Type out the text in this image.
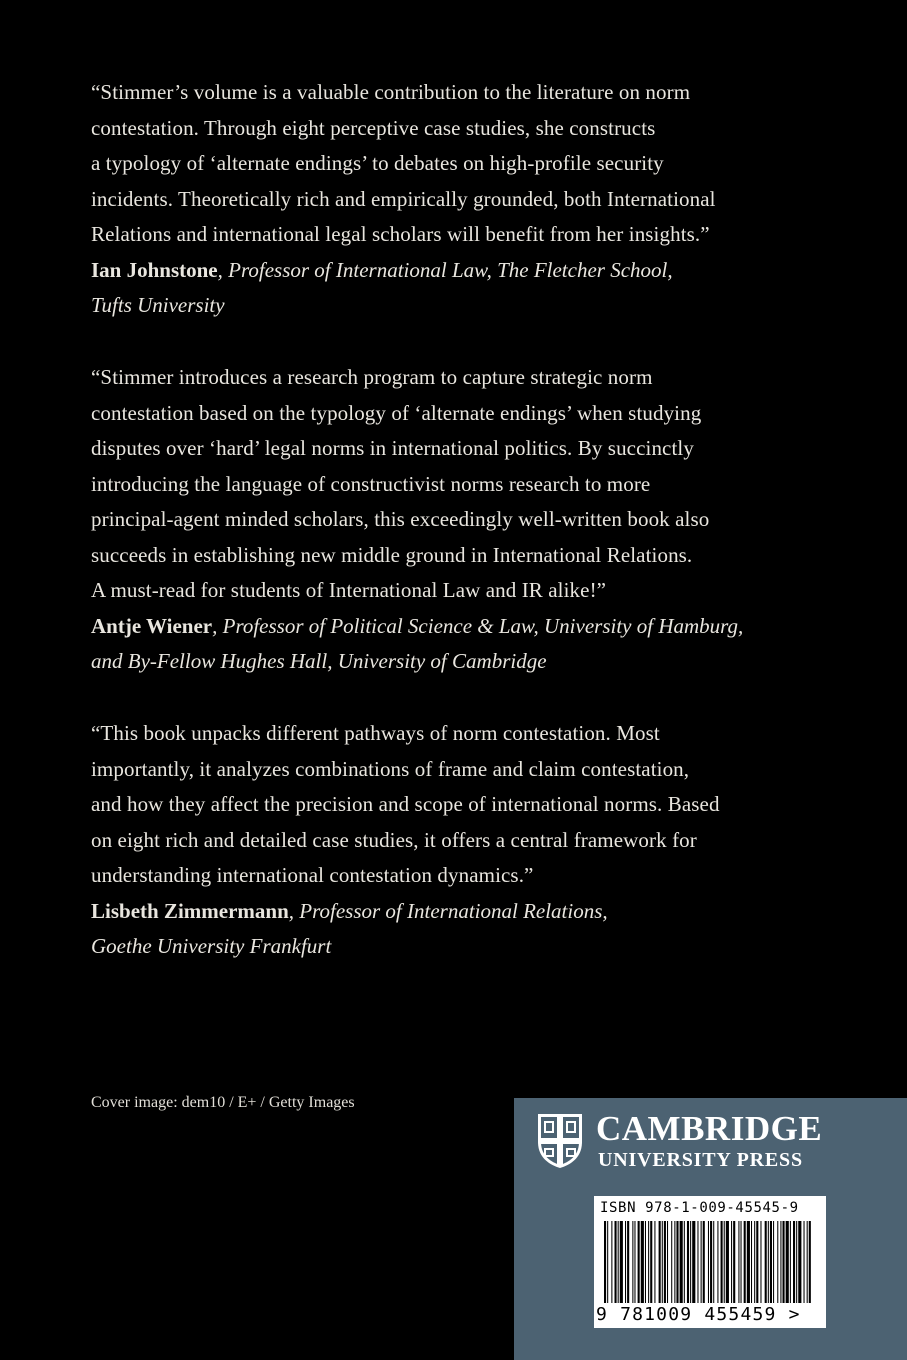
“Stimmer’s volume is a valuable contribution to the literature on norm
contestation. Through eight perceptive case studies, she constructs
a typology of ‘alternate endings’ to debates on high-profile security
incidents. Theoretically rich and empirically grounded, both International
Relations and international legal scholars will benefit from her insights.”
Ian Johnstone, Professor of International Law, The Fletcher School,
Tufts University
“Stimmer introduces a research program to capture strategic norm
contestation based on the typology of ‘alternate endings’ when studying
disputes over ‘hard’ legal norms in international politics. By succinctly
introducing the language of constructivist norms research to more
principal-agent minded scholars, this exceedingly well-written book also
succeeds in establishing new middle ground in International Relations.
A must-read for students of International Law and IR alike!”
Antje Wiener, Professor of Political Science & Law, University of Hamburg,
and By-Fellow Hughes Hall, University of Cambridge
“This book unpacks different pathways of norm contestation. Most
importantly, it analyzes combinations of frame and claim contestation,
and how they affect the precision and scope of international norms. Based
on eight rich and detailed case studies, it offers a central framework for
understanding international contestation dynamics.”
Lisbeth Zimmermann, Professor of International Relations,
Goethe University Frankfurt
Cover image: dem10 / E+ / Getty Images
CAMBRIDGE
UNIVERSITY PRESS
ISBN 978-1-009-45545-9
9 781009 455459 >
